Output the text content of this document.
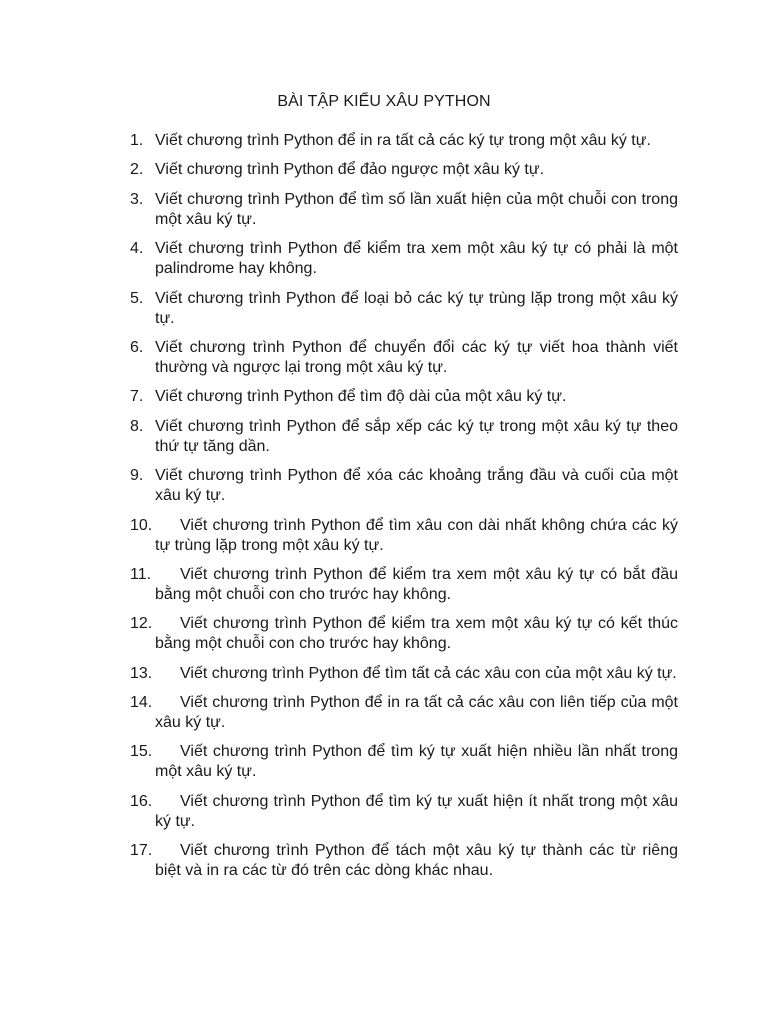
BÀI TẬP KIỂU XÂU PYTHON
1. Viết chương trình Python để in ra tất cả các ký tự trong một xâu ký tự.
2. Viết chương trình Python để đảo ngược một xâu ký tự.
3. Viết chương trình Python để tìm số lần xuất hiện của một chuỗi con trong một xâu ký tự.
4. Viết chương trình Python để kiểm tra xem một xâu ký tự có phải là một palindrome hay không.
5. Viết chương trình Python để loại bỏ các ký tự trùng lặp trong một xâu ký tự.
6. Viết chương trình Python để chuyển đổi các ký tự viết hoa thành viết thường và ngược lại trong một xâu ký tự.
7. Viết chương trình Python để tìm độ dài của một xâu ký tự.
8. Viết chương trình Python để sắp xếp các ký tự trong một xâu ký tự theo thứ tự tăng dần.
9. Viết chương trình Python để xóa các khoảng trắng đầu và cuối của một xâu ký tự.
10. Viết chương trình Python để tìm xâu con dài nhất không chứa các ký tự trùng lặp trong một xâu ký tự.
11. Viết chương trình Python để kiểm tra xem một xâu ký tự có bắt đầu bằng một chuỗi con cho trước hay không.
12. Viết chương trình Python để kiểm tra xem một xâu ký tự có kết thúc bằng một chuỗi con cho trước hay không.
13. Viết chương trình Python để tìm tất cả các xâu con của một xâu ký tự.
14. Viết chương trình Python để in ra tất cả các xâu con liên tiếp của một xâu ký tự.
15. Viết chương trình Python để tìm ký tự xuất hiện nhiều lần nhất trong một xâu ký tự.
16. Viết chương trình Python để tìm ký tự xuất hiện ít nhất trong một xâu ký tự.
17. Viết chương trình Python để tách một xâu ký tự thành các từ riêng biệt và in ra các từ đó trên các dòng khác nhau.
